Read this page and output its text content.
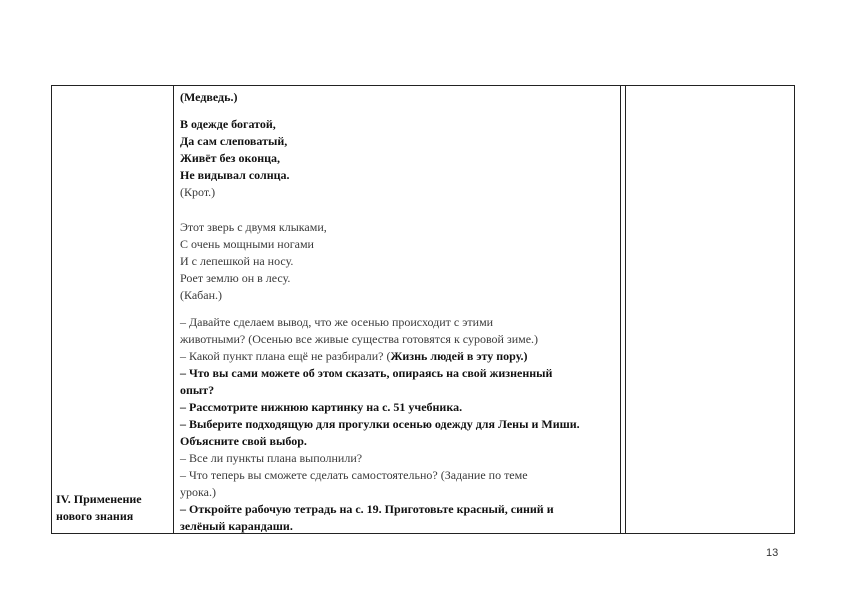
IV. Применение
нового знания
(Медведь.)
В одежде богатой,
Да сам слеповатый,
Живёт без оконца,
Не видывал солнца.
(Крот.)
Этот зверь с двумя клыками,
С очень мощными ногами
И с лепешкой на носу.
Роет землю он в лесу.
(Кабан.)
– Давайте сделаем вывод, что же осенью происходит с этими
животными? (Осенью все живые существа готовятся к суровой зиме.)
– Какой пункт плана ещё не разбирали? (Жизнь людей в эту пору.)
– Что вы сами можете об этом сказать, опираясь на свой жизненный
опыт?
– Рассмотрите нижнюю картинку на с. 51 учебника.
– Выберите подходящую для прогулки осенью одежду для Лены и Миши.
Объясните свой выбор.
– Все ли пункты плана выполнили?
– Что теперь вы сможете сделать самостоятельно? (Задание по теме
урока.)
– Откройте рабочую тетрадь на с. 19. Приготовьте красный, синий и
зелёный карандаши.
13
